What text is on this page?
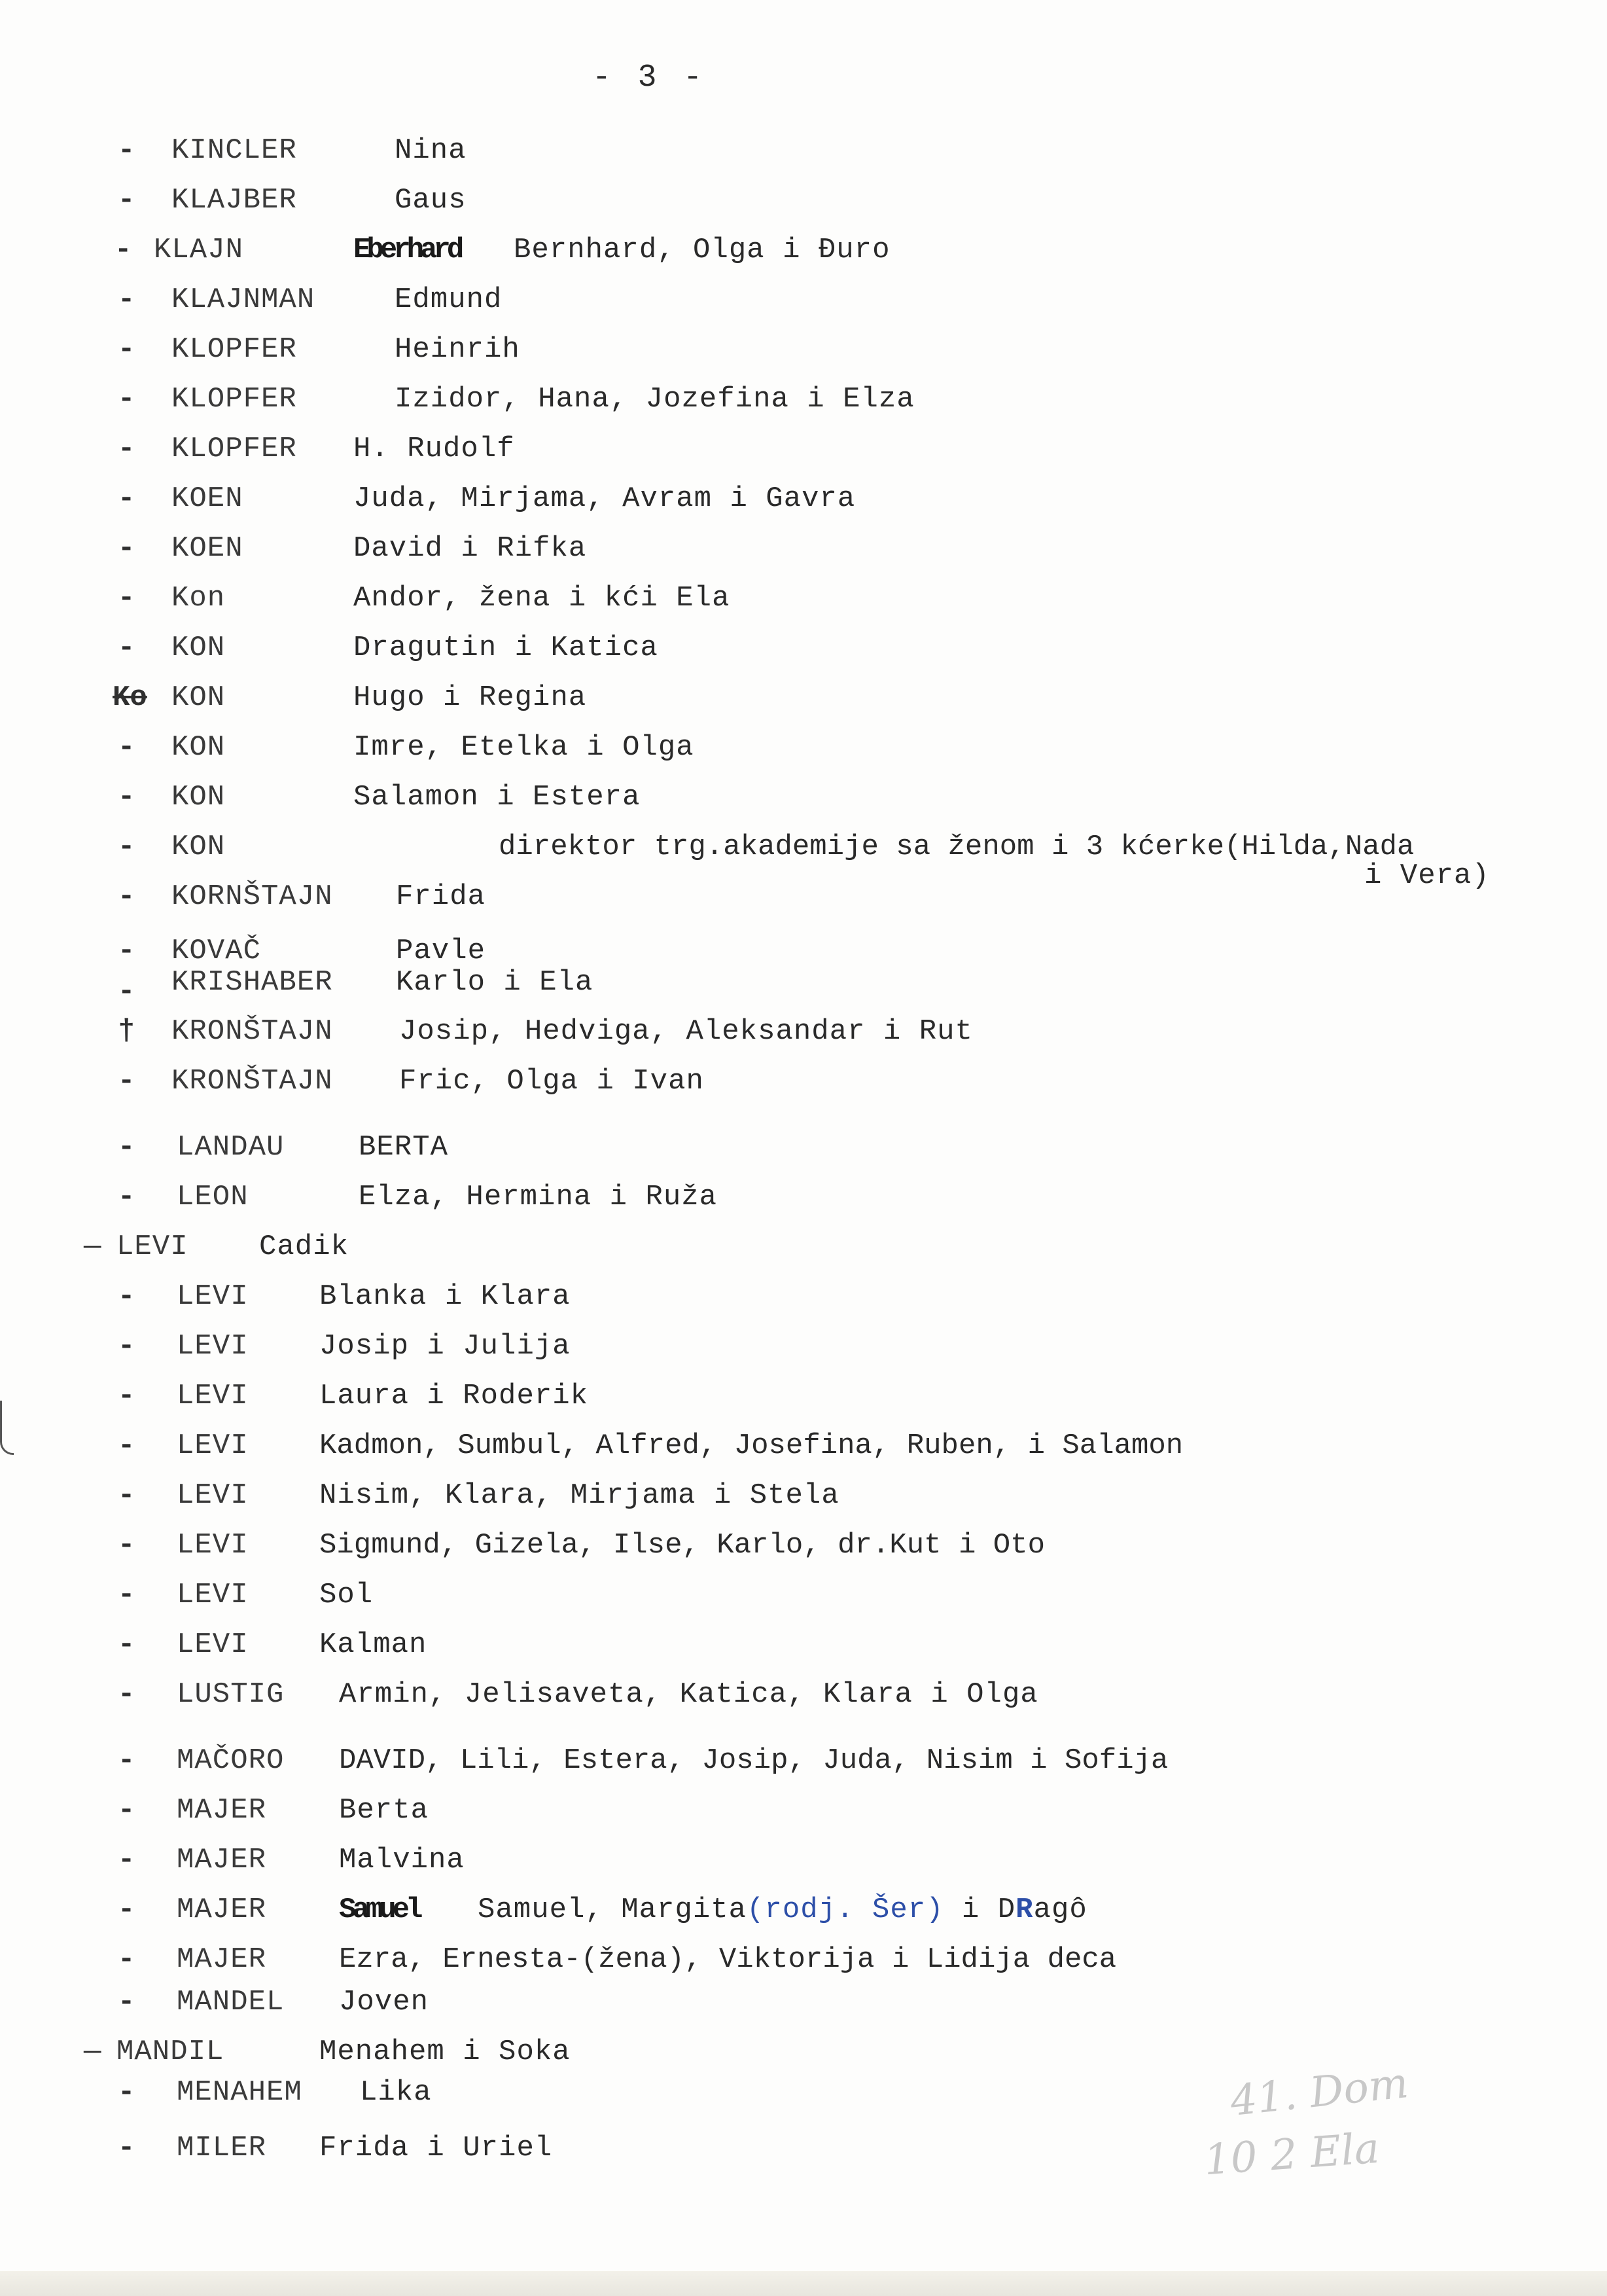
- 3 -
- KINCLER	Nina
- KLAJBER	Gaus
- KLAJN	Eberhard Bernhard, Olga i Đuro
- KLAJNMAN	Edmund
- KLOPFER	Heinrih
- KLOPFER	Izidor, Hana, Jozefina i Elza
- KLOPFER H. Rudolf
- KOEN	Juda, Mirjama, Avram i Gavra
- KOEN	David i Rifka
- Kon	Andor, žena i kći Ela
- KON	Dragutin i Katica
Ko KON	Hugo i Regina
- KON	Imre, Etelka i Olga
- KON	Salamon i Estera
- KON	direktor trg.akademije sa ženom i 3 kćerke(Hilda,Nada
i Vera)
- KORNŠTAJN Frida
- KOVAČ	Pavle
- KRISHABER Karlo i Ela
† KRONŠTAJN Josip, Hedviga, Aleksandar i Rut
- KRONŠTAJN Fric, Olga i Ivan
- LANDAU	BERTA
- LEON	Elza, Hermina i Ruža
— LEVI Cadik
- LEVI Blanka i Klara
- LEVI Josip i Julija
- LEVI Laura i Roderik
- LEVI Kadmon, Sumbul, Alfred, Josefina, Ruben, i Salamon
- LEVI Nisim, Klara, Mirjama i Stela
- LEVI Sigmund, Gizela, Ilse, Karlo, dr.Kut i Oto
- LEVI Sol
- LEVI Kalman
- LUSTIG Armin, Jelisaveta, Katica, Klara i Olga
- MAČORO DAVID, Lili, Estera, Josip, Juda, Nisim i Sofija
- MAJER	Berta
- MAJER	Malvina
- MAJER	Samuel Samuel, Margita(rodj. Šer) i DRagô
- MAJER	Ezra, Ernesta-(žena), Viktorija i Lidija deca
- MANDEL Joven
— MANDIL	Menahem i Soka
- MENAHEM Lika
- MILER Frida i Uriel
41. Dom
10 2 Ela
